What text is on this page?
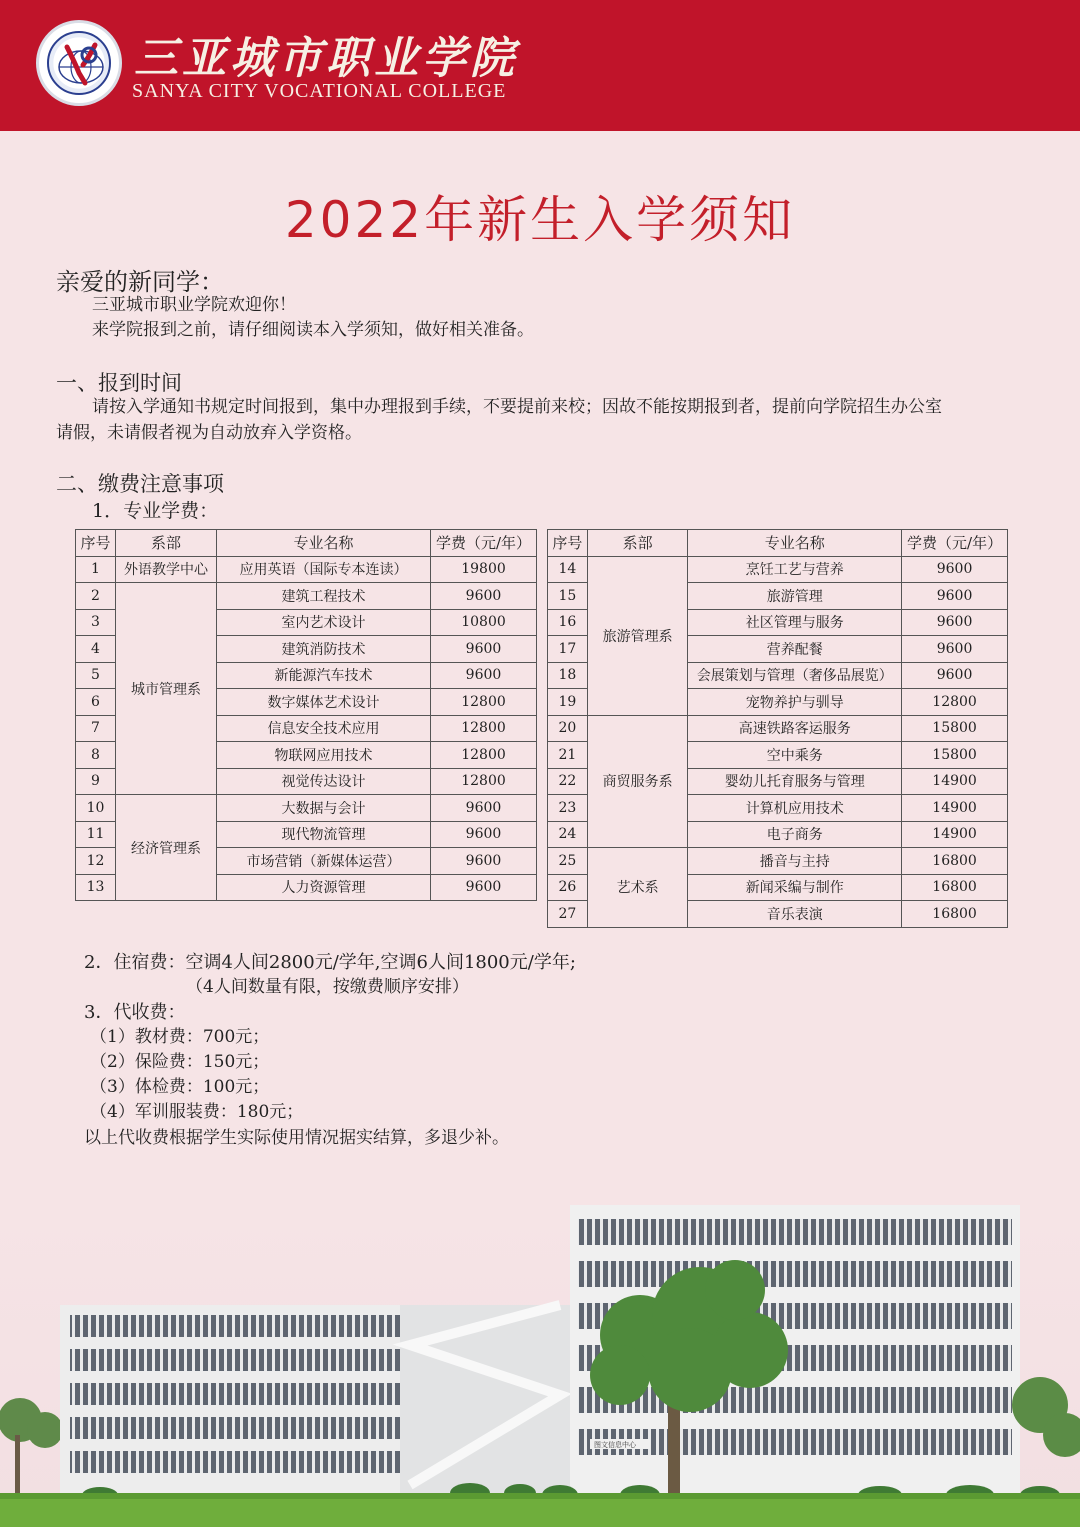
三亚城市职业学院
SANYA CITY VOCATIONAL COLLEGE
2022年新生入学须知
亲爱的新同学：
三亚城市职业学院欢迎你！
来学院报到之前，请仔细阅读本入学须知，做好相关准备。
一、报到时间
请按入学通知书规定时间报到，集中办理报到手续，不要提前来校；因故不能按期报到者，提前向学院招生办公室
请假，未请假者视为自动放弃入学资格。
二、缴费注意事项
1．专业学费：
序号	系部	专业名称	学费（元/年）
1	外语教学中心	应用英语（国际专本连读）	19800
2	城市管理系	建筑工程技术	9600
3		室内艺术设计	10800
4		建筑消防技术	9600
5		新能源汽车技术	9600
6		数字媒体艺术设计	12800
7		信息安全技术应用	12800
8		物联网应用技术	12800
9		视觉传达设计	12800
10	经济管理系	大数据与会计	9600
11		现代物流管理	9600
12		市场营销（新媒体运营）	9600
13		人力资源管理	9600
序号	系部	专业名称	学费（元/年）
14	旅游管理系	烹饪工艺与营养	9600
15		旅游管理	9600
16		社区管理与服务	9600
17		营养配餐	9600
18		会展策划与管理（奢侈品展览）	9600
19		宠物养护与驯导	12800
20	商贸服务系	高速铁路客运服务	15800
21		空中乘务	15800
22		婴幼儿托育服务与管理	14900
23		计算机应用技术	14900
24		电子商务	14900
25	艺术系	播音与主持	16800
26		新闻采编与制作	16800
27		音乐表演	16800
2．住宿费：空调4人间2800元/学年,空调6人间1800元/学年;
（4人间数量有限，按缴费顺序安排）
3．代收费：
（1）教材费：700元；
（2）保险费：150元；
（3）体检费：100元；
（4）军训服装费：180元；
以上代收费根据学生实际使用情况据实结算，多退少补。
图文信息中心
